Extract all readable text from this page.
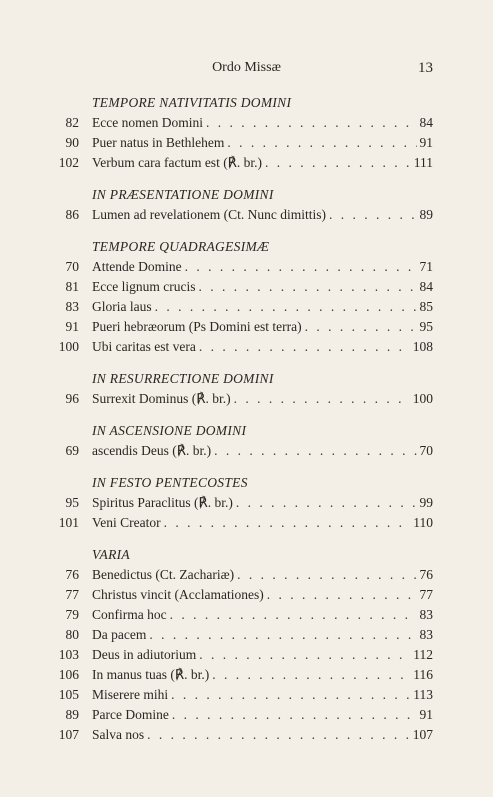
Ordo Missæ	13
TEMPORE NATIVITATIS DOMINI
82 Ecce nomen Domini . . .	84
90 Puer natus in Bethlehem . . .	91
102 Verbum cara factum est (℟. br.) . . .	111
IN PRÆSENTATIONE DOMINI
86 Lumen ad revelationem (Ct. Nunc dimittis) . . .	89
TEMPORE QUADRAGESIMÆ
70 Attende Domine . . .	71
81 Ecce lignum crucis . . .	84
83 Gloria laus . . .	85
91 Pueri hebræorum (Ps Domini est terra) . . .	95
100 Ubi caritas est vera . . .	108
IN RESURRECTIONE DOMINI
96 Surrexit Dominus (℟. br.) . . .	100
IN ASCENSIONE DOMINI
69 ascendis Deus (℟. br.) . . .	70
IN FESTO PENTECOSTES
95 Spiritus Paraclitus (℟. br.) . . .	99
101 Veni Creator . . .	110
VARIA
76 Benedictus (Ct. Zachariæ) . . .	76
77 Christus vincit (Acclamationes) . . .	77
79 Confirma hoc . . .	83
80 Da pacem . . .	83
103 Deus in adiutorium . . .	112
106 In manus tuas (℟. br.) . . .	116
105 Miserere mihi . . .	113
89 Parce Domine . . .	91
107 Salva nos . . .	107
